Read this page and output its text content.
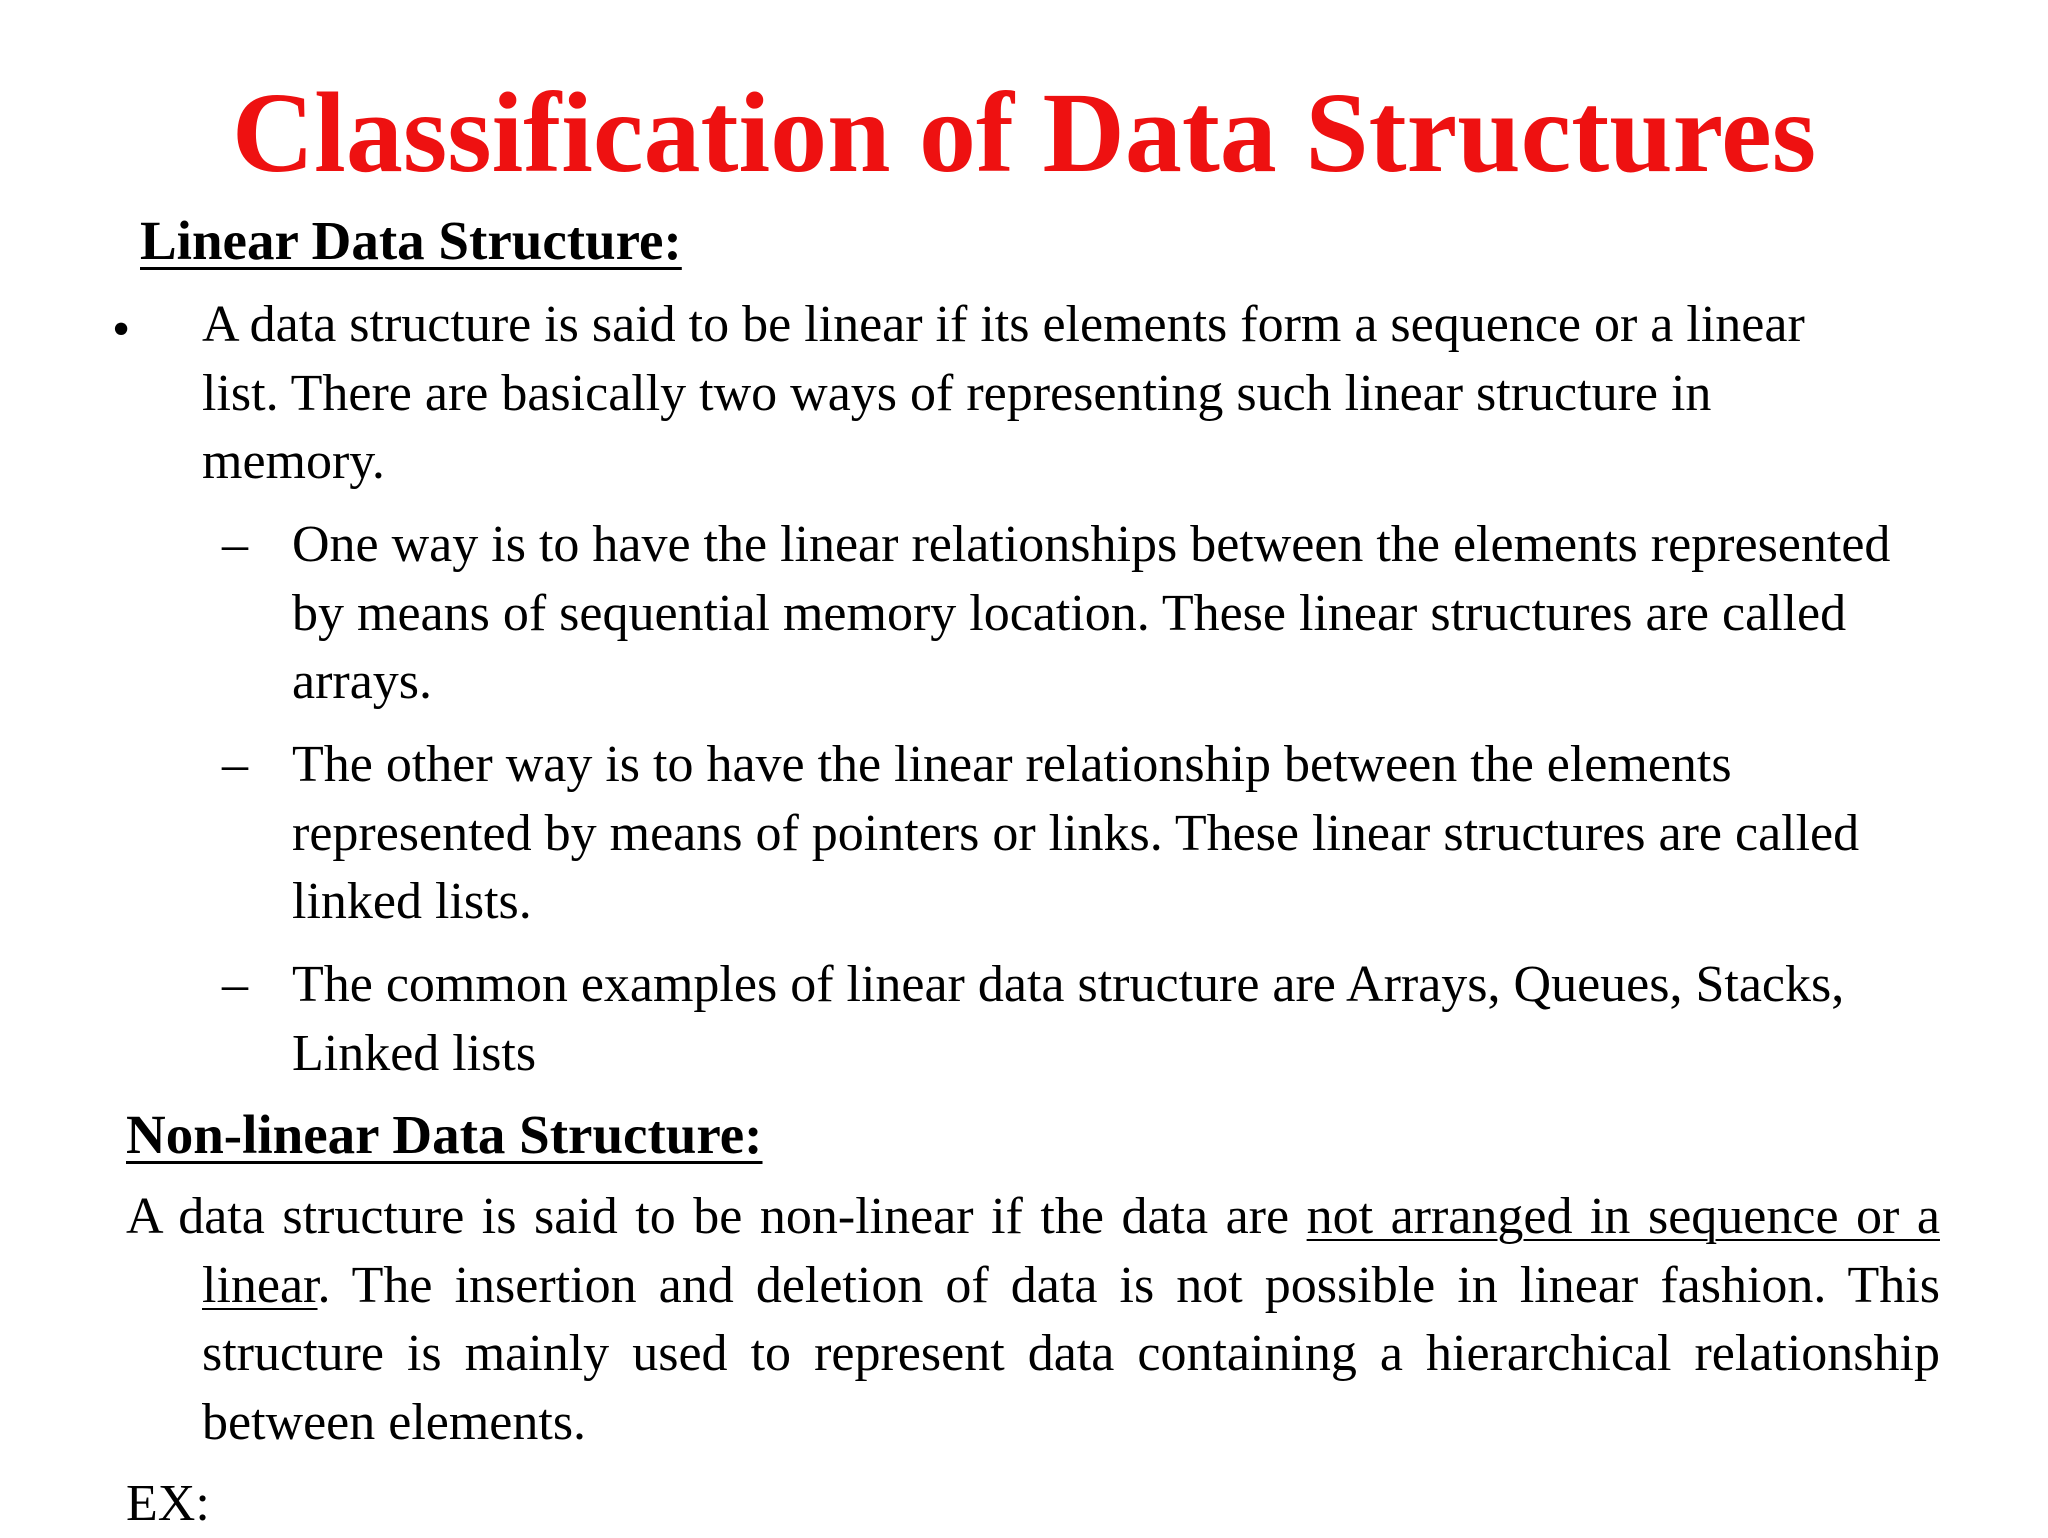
Classification of Data Structures
Linear Data Structure:
• A data structure is said to be linear if its elements form a sequence or a linear list. There are basically two ways of representing such linear structure in memory.
– One way is to have the linear relationships between the elements represented by means of sequential memory location. These linear structures are called arrays.
– The other way is to have the linear relationship between the elements represented by means of pointers or links. These linear structures are called linked lists.
– The common examples of linear data structure are Arrays, Queues, Stacks, Linked lists
Non-linear Data Structure:
A data structure is said to be non-linear if the data are not arranged in sequence or a linear. The insertion and deletion of data is not possible in linear fashion. This structure is mainly used to represent data containing a hierarchical relationship between elements.
EX:
